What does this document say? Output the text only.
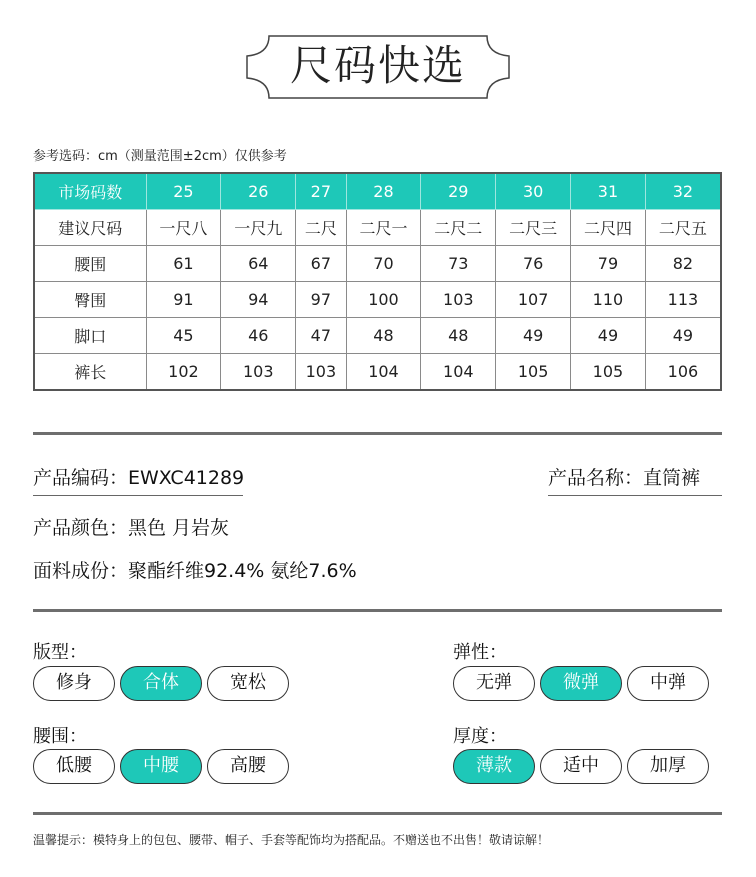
尺码快选
参考选码：cm（测量范围±2cm）仅供参考
市场码数	25	26	27	28	29	30	31	32
建议尺码	一尺八	一尺九	二尺	二尺一	二尺二	二尺三	二尺四	二尺五
腰围	61	64	67	70	73	76	79	82
臀围	91	94	97	100	103	107	110	113
脚口	45	46	47	48	48	49	49	49
裤长	102	103	103	104	104	105	105	106
产品编码：EWXC41289	产品名称：直筒裤
产品颜色：黑色 月岩灰
面料成份：聚酯纤维92.4% 氨纶7.6%
版型：
修身	合体	宽松
弹性：
无弹	微弹	中弹
腰围：
低腰	中腰	高腰
厚度：
薄款	适中	加厚
温馨提示：模特身上的包包、腰带、帽子、手套等配饰均为搭配品。不赠送也不出售！敬请谅解！
